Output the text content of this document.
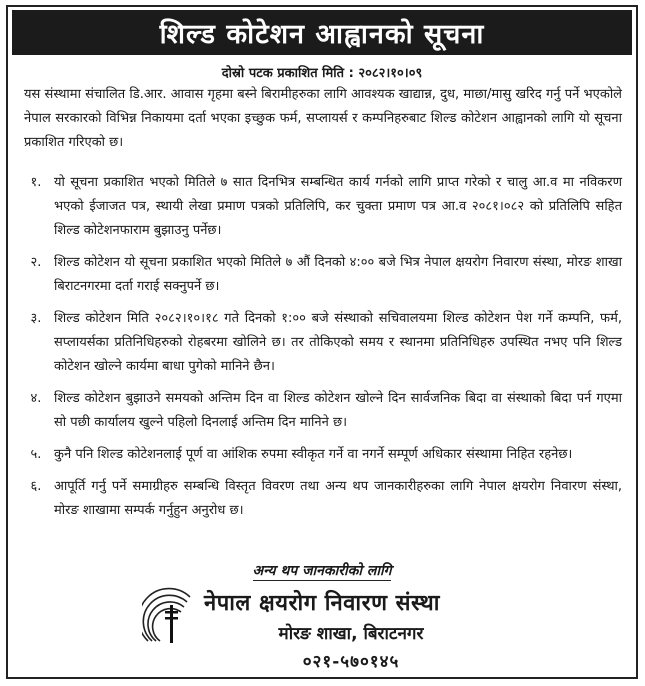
शिल्ड कोटेशन आह्वानको सूचना
दोस्रो पटक प्रकाशित मिति : २०८२।१०।०९
यस संस्थामा संचालित डि.आर. आवास गृहमा बस्ने बिरामीहरुका लागि आवश्यक खाद्यान्न, दुध, माछा/मासु खरिद गर्नु पर्ने भएकोले नेपाल सरकारको विभिन्न निकायमा दर्ता भएका इच्छुक फर्म, सप्लायर्स र कम्पनिहरुबाट शिल्ड कोटेशन आह्वानको लागि यो सूचना प्रकाशित गरिएको छ।
१. यो सूचना प्रकाशित भएको मितिले ७ सात दिनभित्र सम्बन्धित कार्य गर्नको लागि प्राप्त गरेको र चालु आ.व मा नविकरण भएको ईजाजत पत्र, स्थायी लेखा प्रमाण पत्रको प्रतिलिपि, कर चुक्ता प्रमाण पत्र आ.व २०८१।०८२ को प्रतिलिपि सहित शिल्ड कोटेशनफाराम बुझाउनु पर्नेछ।
२. शिल्ड कोटेशन यो सूचना प्रकाशित भएको मितिले ७ औं दिनको ४:०० बजे भित्र नेपाल क्षयरोग निवारण संस्था, मोरङ शाखा बिराटनगरमा दर्ता गराई सक्नुपर्ने छ।
३. शिल्ड कोटेशन मिति २०८२।१०।१८ गते दिनको १:०० बजे संस्थाको सचिवालयमा शिल्ड कोटेशन पेश गर्ने कम्पनि, फर्म, सप्लायर्सका प्रतिनिधिहरुको रोहबरमा खोलिने छ। तर तोकिएको समय र स्थानमा प्रतिनिधिहरु उपस्थित नभए पनि शिल्ड कोटेशन खोल्ने कार्यमा बाधा पुगेको मानिने छैन।
४. शिल्ड कोटेशन बुझाउने समयको अन्तिम दिन वा शिल्ड कोटेशन खोल्ने दिन सार्वजनिक बिदा वा संस्थाको बिदा पर्न गएमा सो पछी कार्यालय खुल्ने पहिलो दिनलाई अन्तिम दिन मानिने छ।
५. कुनै पनि शिल्ड कोटेशनलाई पूर्ण वा आंशिक रुपमा स्वीकृत गर्ने वा नगर्ने सम्पूर्ण अधिकार संस्थामा निहित रहनेछ।
६. आपूर्ति गर्नु पर्ने समाग्रीहरु सम्बन्धि विस्तृत विवरण तथा अन्य थप जानकारीहरुका लागि नेपाल क्षयरोग निवारण संस्था, मोरङ शाखामा सम्पर्क गर्नुहुन अनुरोध छ।
अन्य थप जानकारीको लागि
नेपाल क्षयरोग निवारण संस्था
मोरङ शाखा, बिराटनगर
०२१-५७०१४५
